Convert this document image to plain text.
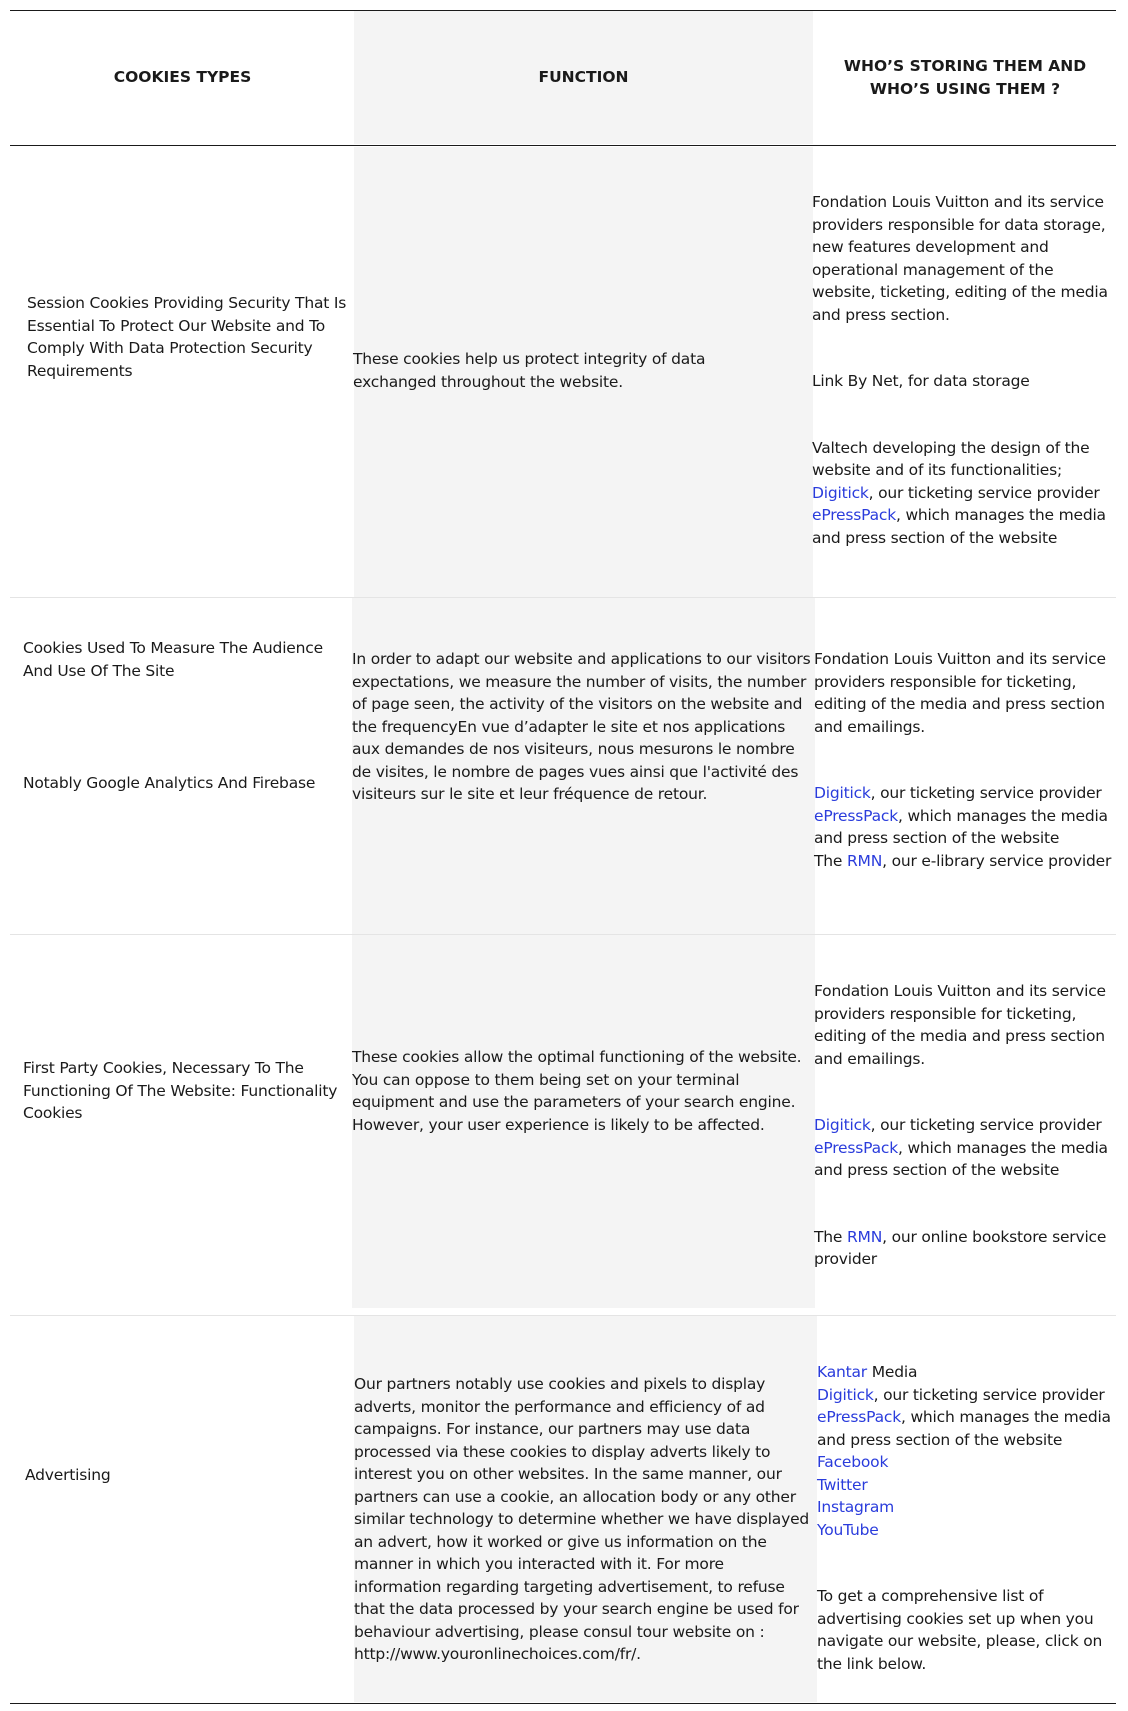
COOKIES TYPES	FUNCTION
WHO’S STORING THEM AND WHO’S USING THEM ?
Session Cookies Providing Security That Is Essential To Protect Our Website and To Comply With Data Protection Security Requirements
These cookies help us protect integrity of data exchanged throughout the website.
Fondation Louis Vuitton and its service providers responsible for data storage, new features development and operational management of the website, ticketing, editing of the media and press section.
Link By Net, for data storage
Valtech developing the design of the website and of its functionalities;
Digitick, our ticketing service provider
ePressPack, which manages the media and press section of the website
Cookies Used To Measure The Audience And Use Of The Site
Notably Google Analytics And Firebase
In order to adapt our website and applications to our visitors expectations, we measure the number of visits, the number of page seen, the activity of the visitors on the website and the frequencyEn vue d’adapter le site et nos applications aux demandes de nos visiteurs, nous mesurons le nombre de visites, le nombre de pages vues ainsi que l'activité des visiteurs sur le site et leur fréquence de retour.
Fondation Louis Vuitton and its service providers responsible for ticketing, editing of the media and press section and emailings.
Digitick, our ticketing service provider
ePressPack, which manages the media and press section of the website
The RMN, our e-library service provider
First Party Cookies, Necessary To The Functioning Of The Website: Functionality Cookies
These cookies allow the optimal functioning of the website. You can oppose to them being set on your terminal equipment and use the parameters of your search engine. However, your user experience is likely to be affected.
Fondation Louis Vuitton and its service providers responsible for ticketing, editing of the media and press section and emailings.
Digitick, our ticketing service provider
ePressPack, which manages the media and press section of the website
The RMN, our online bookstore service provider
Advertising
Our partners notably use cookies and pixels to display adverts, monitor the performance and efficiency of ad campaigns. For instance, our partners may use data processed via these cookies to display adverts likely to interest you on other websites. In the same manner, our partners can use a cookie, an allocation body or any other similar technology to determine whether we have displayed an advert, how it worked or give us information on the manner in which you interacted with it. For more information regarding targeting advertisement, to refuse that the data processed by your search engine be used for behaviour advertising, please consul tour website on : http://www.youronlinechoices.com/fr/.
Kantar Media
Digitick, our ticketing service provider
ePressPack, which manages the media and press section of the website
Facebook
Twitter
Instagram
YouTube
To get a comprehensive list of advertising cookies set up when you navigate our website, please, click on the link below.
